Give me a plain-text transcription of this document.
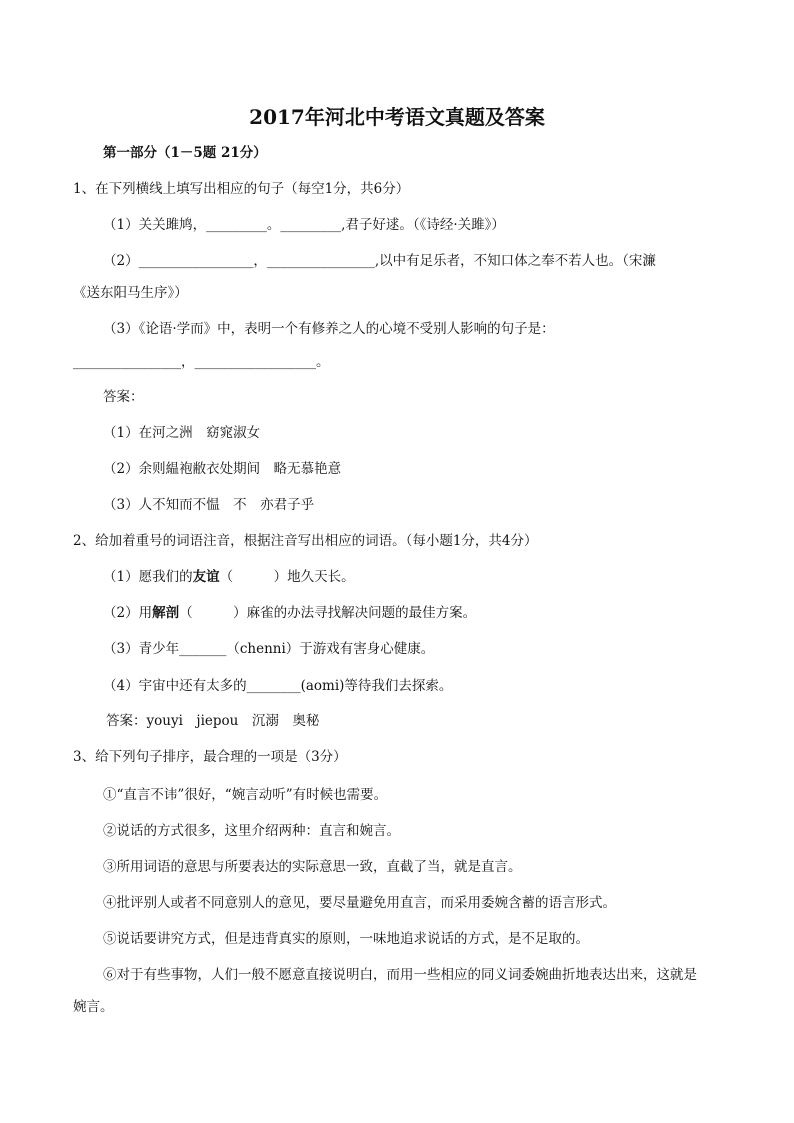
2017年河北中考语文真题及答案
第一部分（1－5题 21分）
1、在下列横线上填写出相应的句子（每空1分，共6分）
（1）关关雎鸠，_________。_________,君子好逑。（《诗经·关雎》）
（2）_________________，________________,以中有足乐者，不知口体之奉不若人也。（宋濂
《送东阳马生序》）
（3）《论语·学而》中，表明一个有修养之人的心境不受别人影响的句子是：
________________，__________________。
答案：
（1）在河之洲　窈窕淑女
（2）余则緼袍敝衣处期间　略无慕艳意
（3）人不知而不愠　不　亦君子乎
2、给加着重号的词语注音，根据注音写出相应的词语。（每小题1分，共4分）
（1）愿我们的友谊（　　　）地久天长。
（2）用解剖（　　　）麻雀的办法寻找解决问题的最佳方案。
（3）青少年_______（chenni）于游戏有害身心健康。
（4）宇宙中还有太多的________(aomi)等待我们去探索。
答案：youyi　jiepou　沉溺　奥秘
3、给下列句子排序，最合理的一项是（3分）
①“直言不讳”很好，“婉言动听”有时候也需要。
②说话的方式很多，这里介绍两种：直言和婉言。
③所用词语的意思与所要表达的实际意思一致，直截了当，就是直言。
④批评别人或者不同意别人的意见，要尽量避免用直言，而采用委婉含蓄的语言形式。
⑤说话要讲究方式，但是违背真实的原则，一味地追求说话的方式，是不足取的。
⑥对于有些事物，人们一般不愿意直接说明白，而用一些相应的同义词委婉曲折地表达出来，这就是
婉言。
